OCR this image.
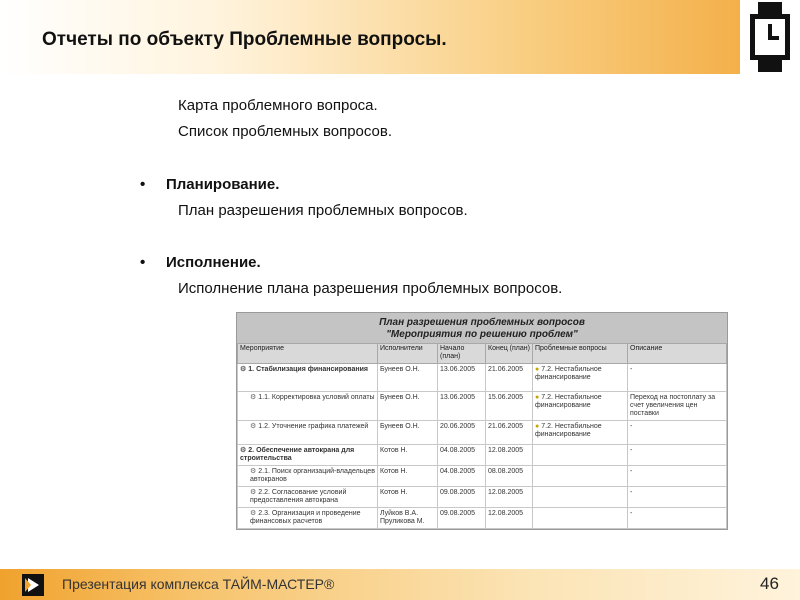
Отчеты по объекту Проблемные вопросы.
Карта проблемного вопроса.
Список проблемных вопросов.
• Планирование.
План разрешения проблемных вопросов.
• Исполнение.
Исполнение плана разрешения проблемных вопросов.
План разрешения проблемных вопросов
"Мероприятия по решению проблем"
Мероприятие	Исполнители	Начало (план)	Конец (план)	Проблемные вопросы	Описание
⚙ 1. Стабилизация финансирования	Бунеев О.Н.	13.06.2005	21.06.2005	● 7.2. Нестабильное финансирование	-
⚙ 1.1. Корректировка условий оплаты	Бунеев О.Н.	13.06.2005	15.06.2005	● 7.2. Нестабильное финансирование	Переход на постоплату за счет увеличения цен поставки
⚙ 1.2. Уточнение графика платежей	Бунеев О.Н.	20.06.2005	21.06.2005	● 7.2. Нестабильное финансирование	-
⚙ 2. Обеспечение автокрана для строительства	Котов Н.	04.08.2005	12.08.2005		-
⚙ 2.1. Поиск организаций-владельцев автокранов	Котов Н.	04.08.2005	08.08.2005		-
⚙ 2.2. Согласование условий предоставления автокрана	Котов Н.	09.08.2005	12.08.2005		-
⚙ 2.3. Организация и проведение финансовых расчетов	Луйков В.А. Пруликова М.	09.08.2005	12.08.2005		-
Презентация комплекса ТАЙМ-МАСТЕР®	46
